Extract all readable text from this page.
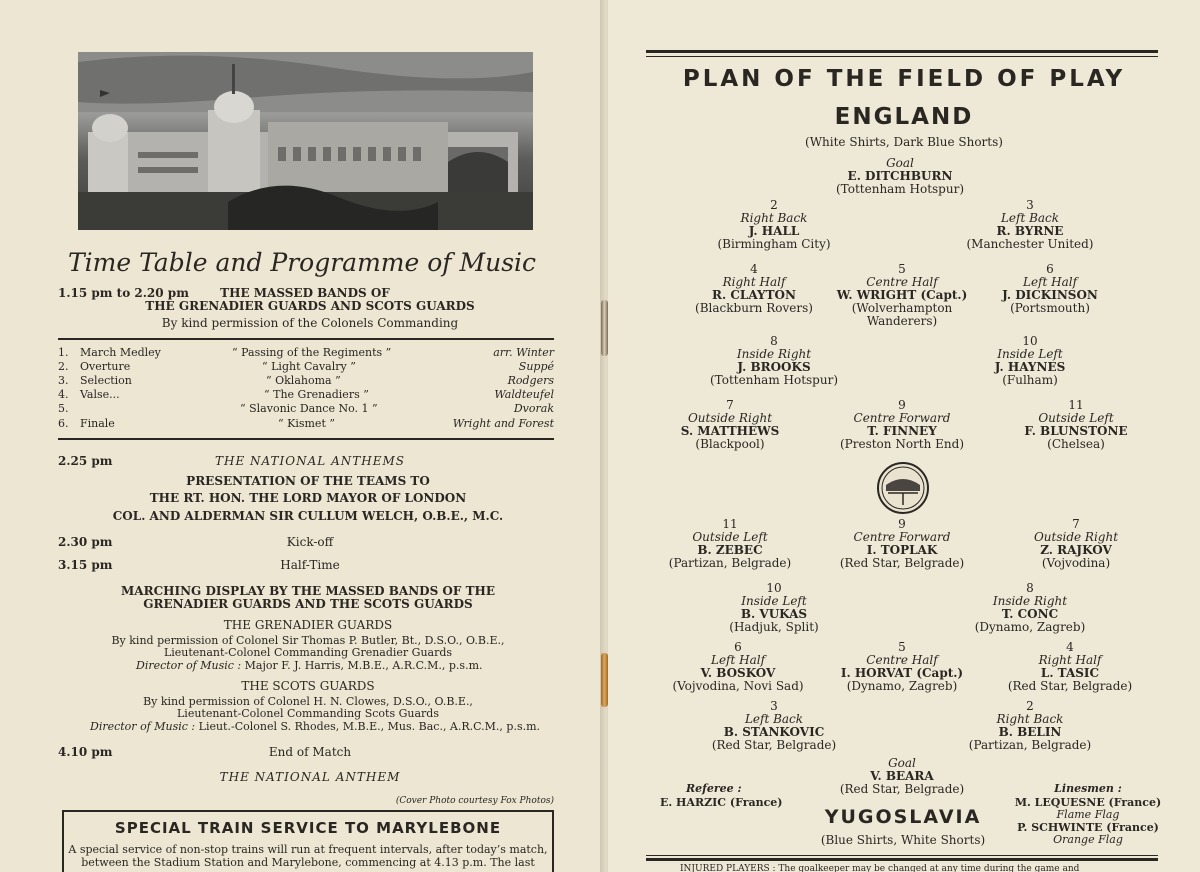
Time Table and Programme of Music
1.15 pm to 2.20 pm	THE MASSED BANDS OF
THE GRENADIER GUARDS AND SCOTS GUARDS
By kind permission of the Colonels Commanding
1. March Medley	“ Passing of the Regiments ”	arr. Winter
2. Overture	“ Light Cavalry ”	Suppé
3. Selection	“ Oklahoma ”	Rodgers
4. Valse...	“ The Grenadiers ”	Waldteufel
5.	“ Slavonic Dance No. 1 ”	Dvorak
6. Finale	“ Kismet ”	Wright and Forest
2.25 pm	THE NATIONAL ANTHEMS
PRESENTATION OF THE TEAMS TO
THE RT. HON. THE LORD MAYOR OF LONDON
COL. AND ALDERMAN SIR CULLUM WELCH, O.B.E., M.C.
2.30 pm	Kick-off
3.15 pm	Half-Time
MARCHING DISPLAY BY THE MASSED BANDS OF THE
GRENADIER GUARDS AND THE SCOTS GUARDS
THE GRENADIER GUARDS
By kind permission of Colonel Sir Thomas P. Butler, Bt., D.S.O., O.B.E.,
Lieutenant-Colonel Commanding Grenadier Guards
Director of Music : Major F. J. Harris, M.B.E., A.R.C.M., p.s.m.
THE SCOTS GUARDS
By kind permission of Colonel H. N. Clowes, D.S.O., O.B.E.,
Lieutenant-Colonel Commanding Scots Guards
Director of Music : Lieut.-Colonel S. Rhodes, M.B.E., Mus. Bac., A.R.C.M., p.s.m.
4.10 pm	End of Match
THE NATIONAL ANTHEM
(Cover Photo courtesy Fox Photos)
SPECIAL TRAIN SERVICE TO MARYLEBONE
A special service of non-stop trains will run at frequent intervals, after today’s match,
between the Stadium Station and Marylebone, commencing at 4.13 p.m. The last
PLAN OF THE FIELD OF PLAY
ENGLAND
(White Shirts, Dark Blue Shorts)
Goal
E. DITCHBURN
(Tottenham Hotspur)
2
Right Back
J. HALL
(Birmingham City)
3
Left Back
R. BYRNE
(Manchester United)
4
Right Half
R. CLAYTON
(Blackburn Rovers)
5
Centre Half
W. WRIGHT (Capt.)
(Wolverhampton
Wanderers)
6
Left Half
J. DICKINSON
(Portsmouth)
8
Inside Right
J. BROOKS
(Tottenham Hotspur)
10
Inside Left
J. HAYNES
(Fulham)
7
Outside Right
S. MATTHEWS
(Blackpool)
9
Centre Forward
T. FINNEY
(Preston North End)
11
Outside Left
F. BLUNSTONE
(Chelsea)
11
Outside Left
B. ZEBEC
(Partizan, Belgrade)
9
Centre Forward
I. TOPLAK
(Red Star, Belgrade)
7
Outside Right
Z. RAJKOV
(Vojvodina)
10
Inside Left
B. VUKAS
(Hadjuk, Split)
8
Inside Right
T. CONC
(Dynamo, Zagreb)
6
Left Half
V. BOSKOV
(Vojvodina, Novi Sad)
5
Centre Half
I. HORVAT (Capt.)
(Dynamo, Zagreb)
4
Right Half
L. TASIC
(Red Star, Belgrade)
3
Left Back
B. STANKOVIC
(Red Star, Belgrade)
2
Right Back
B. BELIN
(Partizan, Belgrade)
Goal
V. BEARA
(Red Star, Belgrade)
Referee :
E. HARZIC (France)
Linesmen :
M. LEQUESNE (France)
Flame Flag
P. SCHWINTE (France)
Orange Flag
YUGOSLAVIA
(Blue Shirts, White Shorts)
INJURED PLAYERS : The goalkeeper may be changed at any time during the game and
